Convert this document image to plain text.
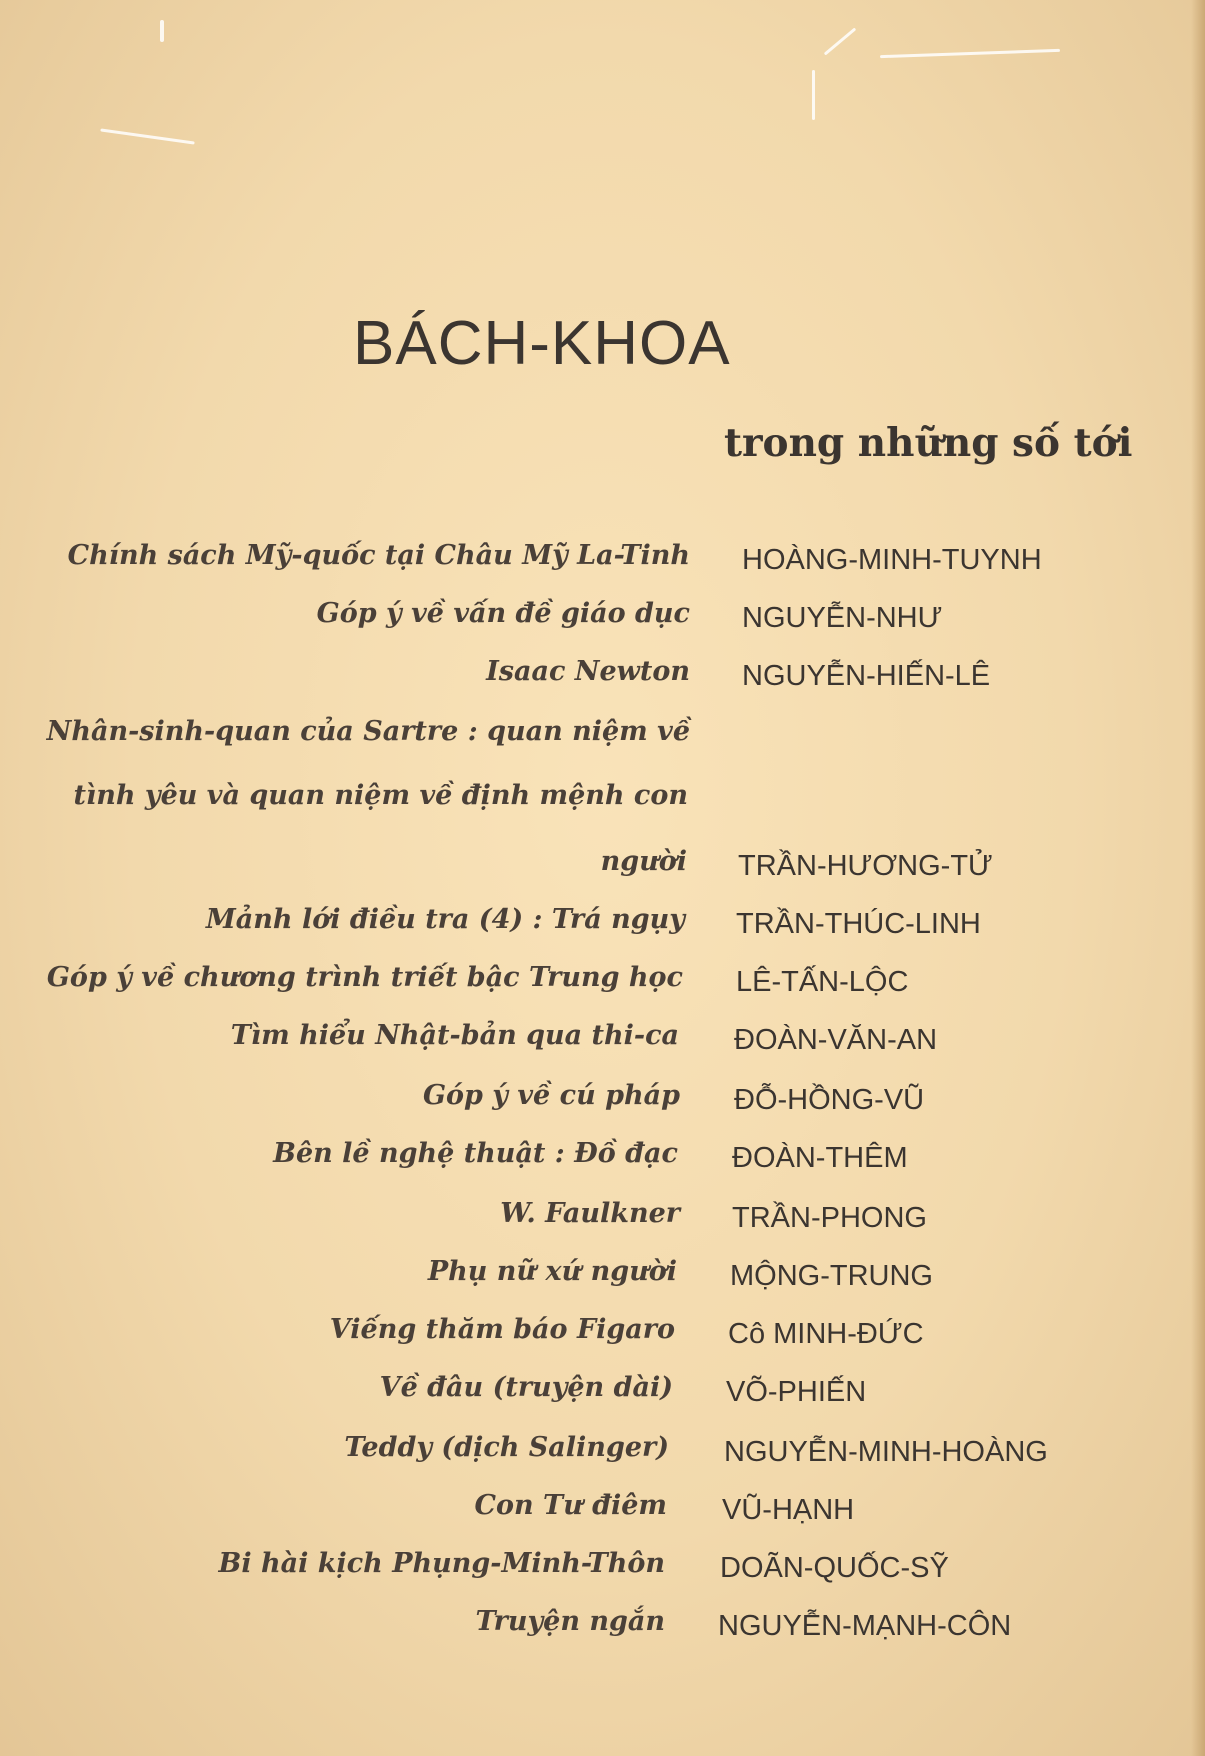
BÁCH-KHOA
trong những số tới
Chính sách Mỹ-quốc tại Châu Mỹ La-Tinh HOÀNG-MINH-TUYNH
Góp ý về vấn đề giáo dục NGUYỄN-NHƯ
Isaac Newton NGUYỄN-HIẾN-LÊ
Nhân-sinh-quan của Sartre : quan niệm về
tình yêu và quan niệm về định mệnh con
người TRẦN-HƯƠNG-TỬ
Mảnh lới điều tra (4) : Trá ngụy TRẦN-THÚC-LINH
Góp ý về chương trình triết bậc Trung học LÊ-TẤN-LỘC
Tìm hiểu Nhật-bản qua thi-ca ĐOÀN-VĂN-AN
Góp ý về cú pháp ĐỖ-HỒNG-VŨ
Bên lề nghệ thuật : Đồ đạc ĐOÀN-THÊM
W. Faulkner TRẦN-PHONG
Phụ nữ xứ người MỘNG-TRUNG
Viếng thăm báo Figaro Cô MINH-ĐỨC
Về đâu (truyện dài) VÕ-PHIẾN
Teddy (dịch Salinger) NGUYỄN-MINH-HOÀNG
Con Tư điêm VŨ-HẠNH
Bi hài kịch Phụng-Minh-Thôn DOÃN-QUỐC-SỸ
Truyện ngắn NGUYỄN-MẠNH-CÔN
